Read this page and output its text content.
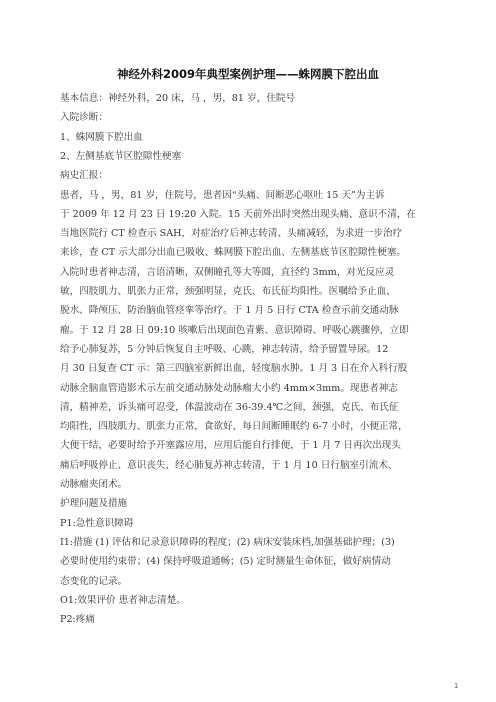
神经外科2009年典型案例护理——蛛网膜下腔出血
基本信息：神经外科，20 床，马 ，男，81 岁，住院号
入院诊断：
1、蛛网膜下腔出血
2、左侧基底节区腔隙性梗塞
病史汇报：
患者，马 ，男，81 岁，住院号，患者因“头痛、间断恶心呕吐 15 天”为主诉
于 2009 年 12 月 23 日 19:20 入院。15 天前外出时突然出现头痛、意识不清，在
当地医院行 CT 检查示 SAH，对症治疗后神志转清、头痛减轻，为求进一步治疗
来诊，查 CT 示大部分出血已吸收、蛛网膜下腔出血、左侧基底节区腔隙性梗塞。
入院时患者神志清，言语清晰，双侧瞳孔等大等圆，直径约 3mm，对光反应灵
敏，四肢肌力、肌张力正常，颈强明显，克氏、布氏征均阳性。医嘱给予止血、
脱水、降颅压、防治脑血管痉挛等治疗。于 1 月 5 日行 CTA 检查示前交通动脉
瘤。于 12 月 28 日 09:10 咳嗽后出现面色青紫、意识障碍、呼吸心跳骤停，立即
给予心肺复苏，5 分钟后恢复自主呼吸、心跳，神志转清，给予留置导尿。12
月 30 日复查 CT 示：第三四脑室新鲜出血，轻度脑水肿。1 月 3 日在介入科行股
动脉全脑血管造影术示左前交通动脉处动脉瘤大小约 4mm×3mm。现患者神志
清，精神差，诉头痛可忍受，体温波动在 36-39.4℃之间，颈强，克氏、布氏征
均阳性，四肢肌力、肌张力正常，食欲好，每日间断睡眠约 6-7 小时，小便正常，
大便干结，必要时给予开塞露应用，应用后能自行排便，于 1 月 7 日再次出现头
痛后呼吸停止、意识丧失，经心肺复苏神志转清，于 1 月 10 日行脑室引流术、
动脉瘤夹闭术。
护理问题及措施
P1:急性意识障碍
I1:措施 (1) 评估和记录意识障碍的程度；(2) 病床安装床档,加强基础护理；(3)
必要时使用约束带；(4) 保持呼吸道通畅；(5) 定时测量生命体征，做好病情动
态变化的记录。
O1:效果评价 患者神志清楚。
P2:疼痛
1
